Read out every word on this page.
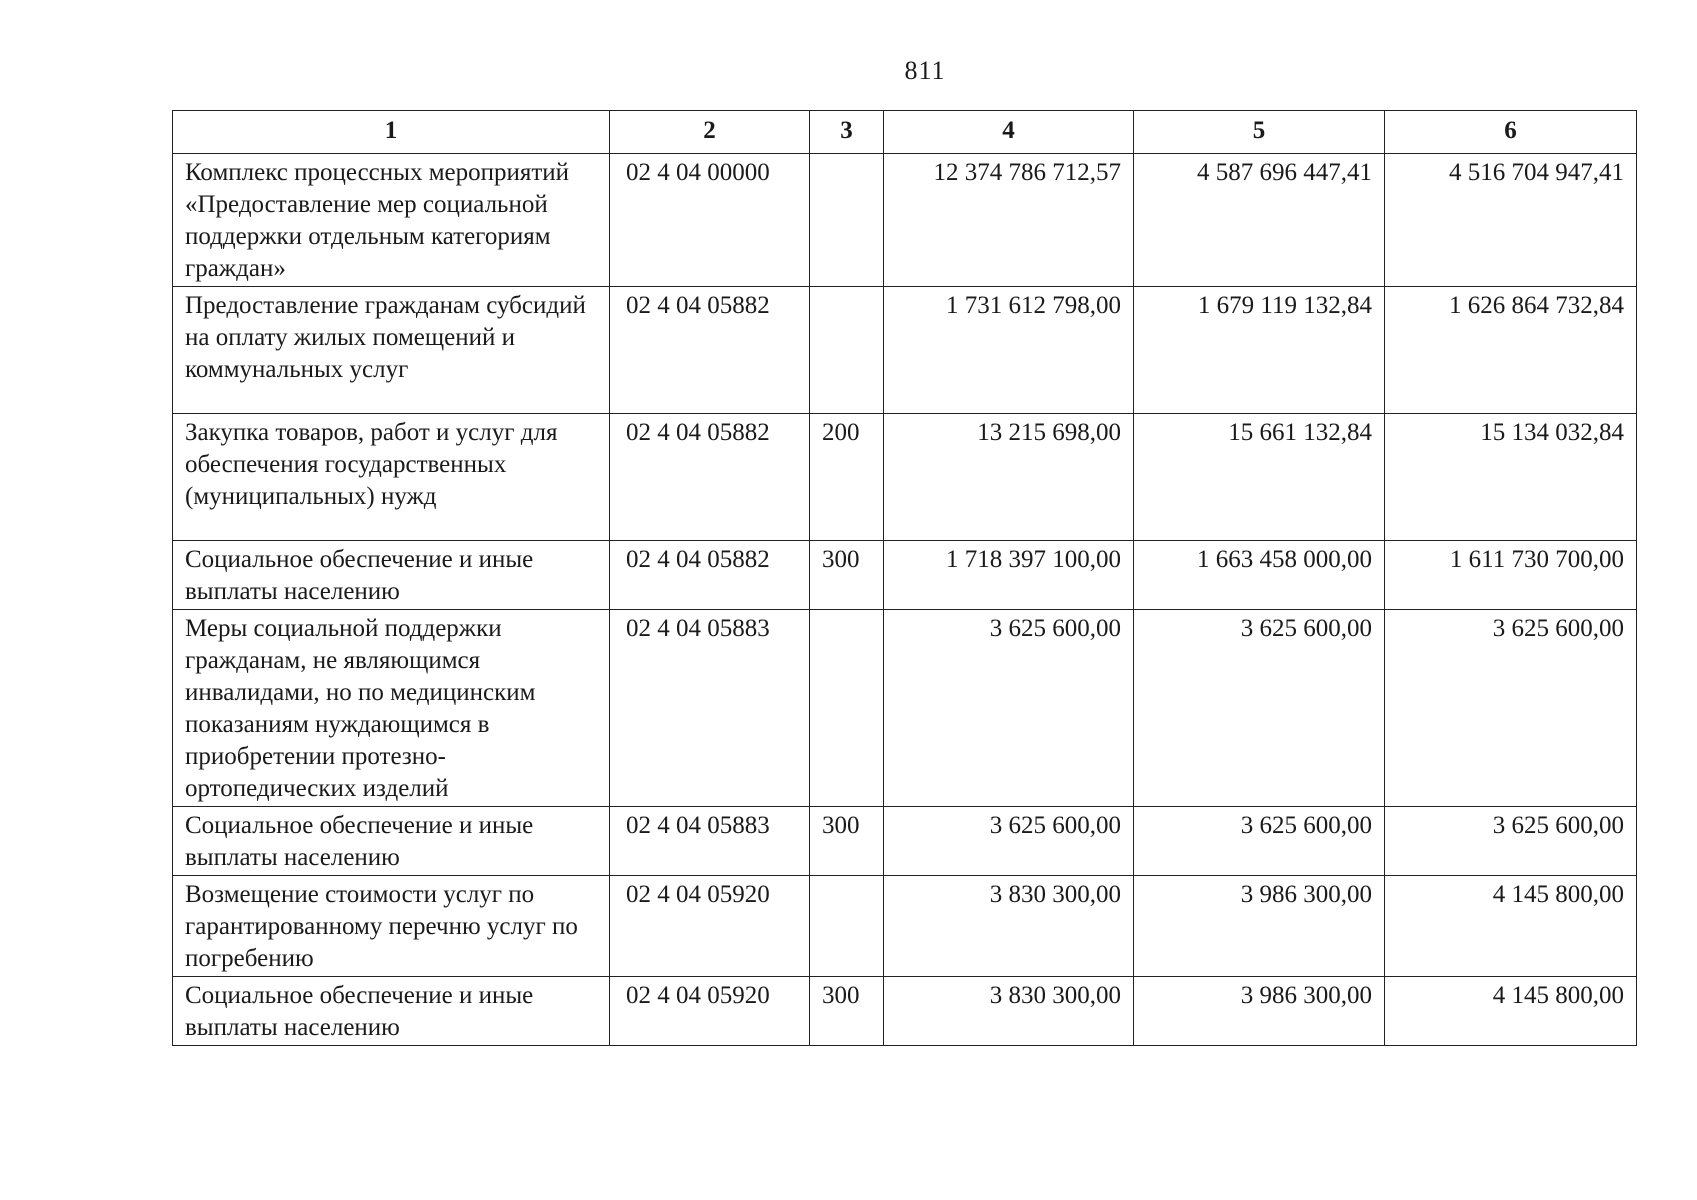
811
1	2	3	4	5	6
Комплекс процессных мероприятий «Предоставление мер социальной поддержки отдельным категориям граждан»	02 4 04 00000		12 374 786 712,57	4 587 696 447,41	4 516 704 947,41
Предоставление гражданам субсидий на оплату жилых помещений и коммунальных услуг	02 4 04 05882		1 731 612 798,00	1 679 119 132,84	1 626 864 732,84
Закупка товаров, работ и услуг для обеспечения государственных (муниципальных) нужд	02 4 04 05882	200	13 215 698,00	15 661 132,84	15 134 032,84
Социальное обеспечение и иные выплаты населению	02 4 04 05882	300	1 718 397 100,00	1 663 458 000,00	1 611 730 700,00
Меры социальной поддержки гражданам, не являющимся инвалидами, но по медицинским показаниям нуждающимся в приобретении протезно-ортопедических изделий	02 4 04 05883		3 625 600,00	3 625 600,00	3 625 600,00
Социальное обеспечение и иные выплаты населению	02 4 04 05883	300	3 625 600,00	3 625 600,00	3 625 600,00
Возмещение стоимости услуг по гарантированному перечню услуг по погребению	02 4 04 05920		3 830 300,00	3 986 300,00	4 145 800,00
Социальное обеспечение и иные выплаты населению	02 4 04 05920	300	3 830 300,00	3 986 300,00	4 145 800,00
